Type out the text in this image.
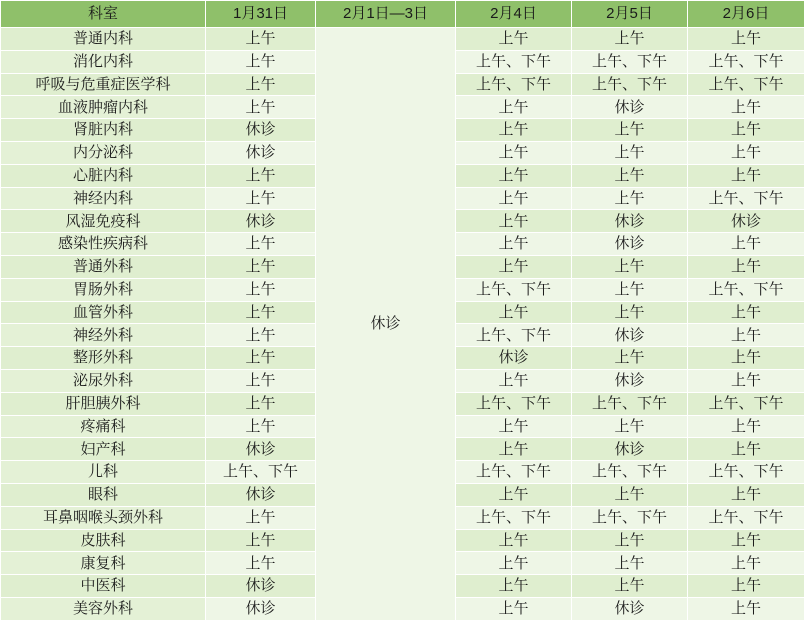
科室	1月31日	2月1日—3日	2月4日	2月5日	2月6日
普通内科	上午	休诊	上午	上午	上午
消化内科	上午		上午、下午	上午、下午	上午、下午
呼吸与危重症医学科	上午		上午、下午	上午、下午	上午、下午
血液肿瘤内科	上午		上午	休诊	上午
肾脏内科	休诊		上午	上午	上午
内分泌科	休诊		上午	上午	上午
心脏内科	上午		上午	上午	上午
神经内科	上午		上午	上午	上午、下午
风湿免疫科	休诊		上午	休诊	休诊
感染性疾病科	上午		上午	休诊	上午
普通外科	上午		上午	上午	上午
胃肠外科	上午		上午、下午	上午	上午、下午
血管外科	上午		上午	上午	上午
神经外科	上午		上午、下午	休诊	上午
整形外科	上午		休诊	上午	上午
泌尿外科	上午		上午	休诊	上午
肝胆胰外科	上午		上午、下午	上午、下午	上午、下午
疼痛科	上午		上午	上午	上午
妇产科	休诊		上午	休诊	上午
儿科	上午、下午		上午、下午	上午、下午	上午、下午
眼科	休诊		上午	上午	上午
耳鼻咽喉头颈外科	上午		上午、下午	上午、下午	上午、下午
皮肤科	上午		上午	上午	上午
康复科	上午		上午	上午	上午
中医科	休诊		上午	上午	上午
美容外科	休诊		上午	休诊	上午
